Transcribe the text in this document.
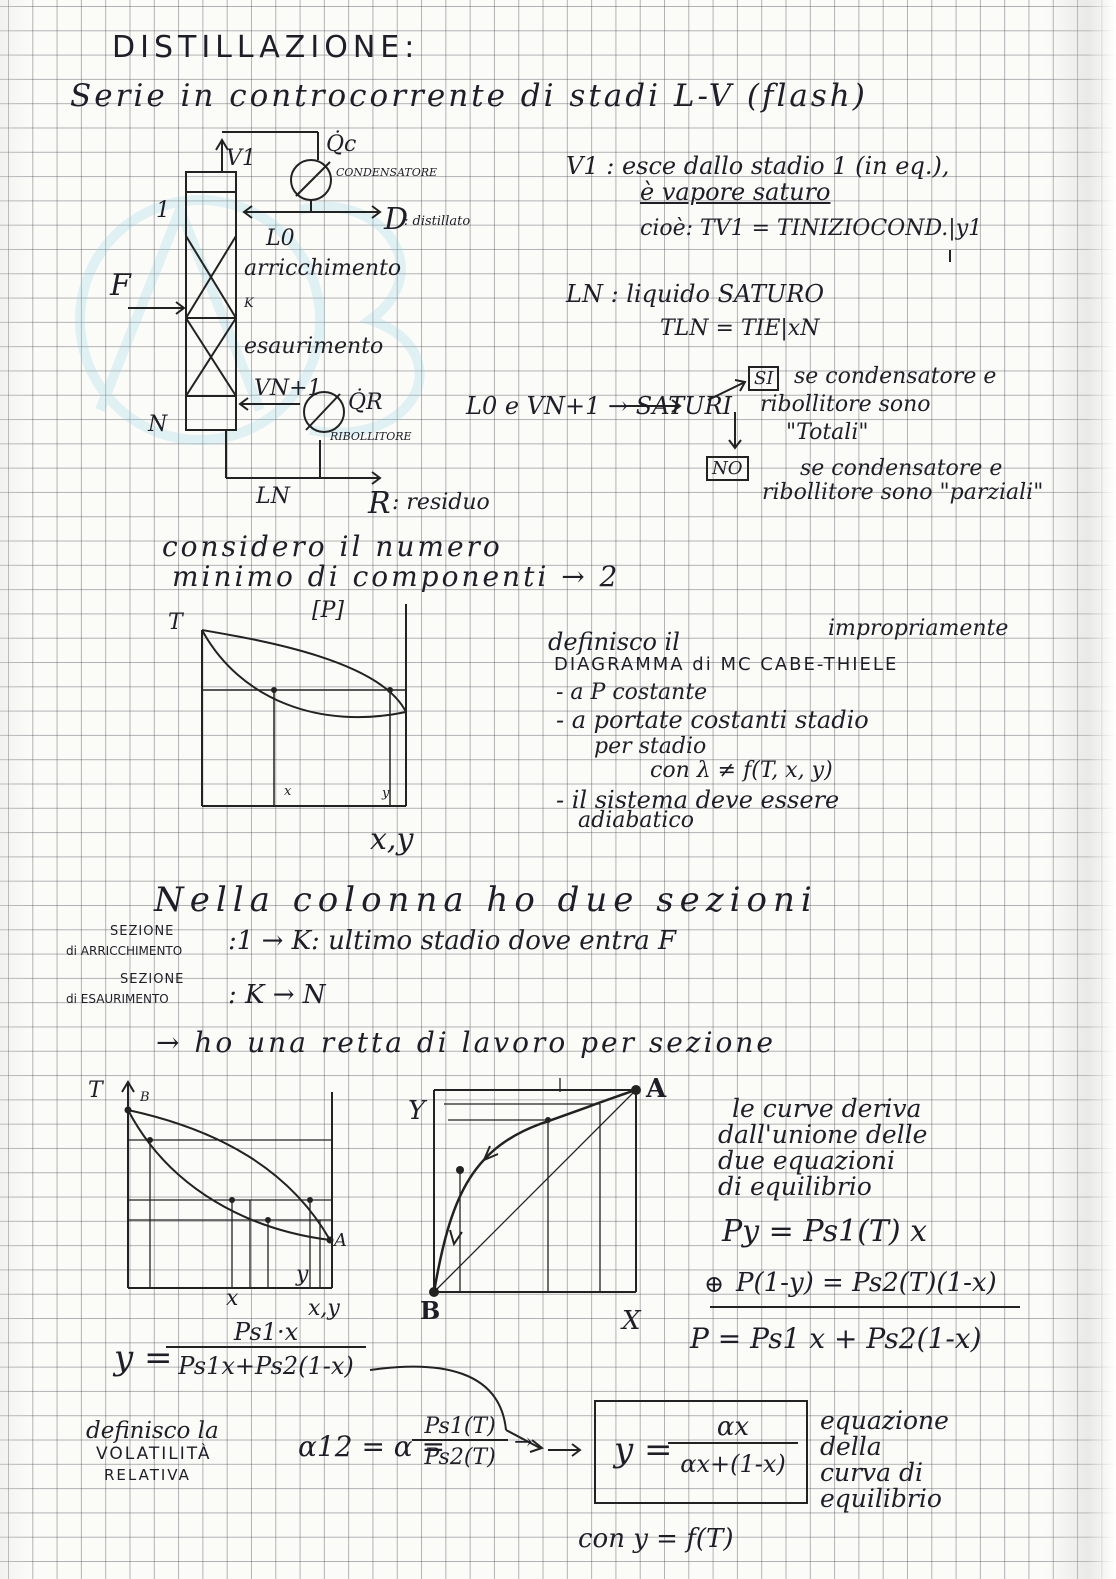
DISTILLAZIONE:
Serie in controcorrente di stadi L-V (flash)
V1
Q̇c
CONDENSATORE
1
L0
D
: distillato
F	arricchimento
K
esaurimento
N
VN+1
Q̇R
RIBOLLITORE
LN	R : residuo
V1 : esce dallo stadio 1 (in eq.),
è vapore saturo
cioè: TV1 = TINIZIOCOND.|y1
LN : liquido SATURO
TLN = TIE|xN
L0 e VN+1 → SATURI
SI se condensatore e
ribollitore sono
"Totali"
NO	se condensatore e
ribollitore sono "parziali"
considero il numero
minimo di componenti → 2
T	[P]
x	y
x,y
definisco il	impropriamente
DIAGRAMMA di MC CABE-THIELE
- a P costante
- a portate costanti stadio
per stadio
con λ ≠ f(T, x, y)
- il sistema deve essere
adiabatico
Nella colonna ho due sezioni
SEZIONE
di ARRICCHIMENTO :1 → K: ultimo stadio dove entra F
SEZIONE
di ESAURIMENTO : K → N
→ ho una retta di lavoro per sezione
T	B
A
x
y
x,y
Y
A
B	X
le curve deriva
dall'unione delle
due equazioni
di equilibrio
Py = Ps1(T) x
⊕ P(1-y) = Ps2(T)(1-x)
P = Ps1 x + Ps2(1-x)
y =
$\frac{Ps1\cdot x}{Ps1x+Ps2(1-x)}$
definisco la
VOLATILITÀ
RELATIVA
α12 = α =
$\frac{Ps1(T)}{Ps2(T)} \to y$ =
$\frac{\alpha x}{\alpha x+(1-x)}$ equazione
della
curva di
equilibrio
con y = f(T)
